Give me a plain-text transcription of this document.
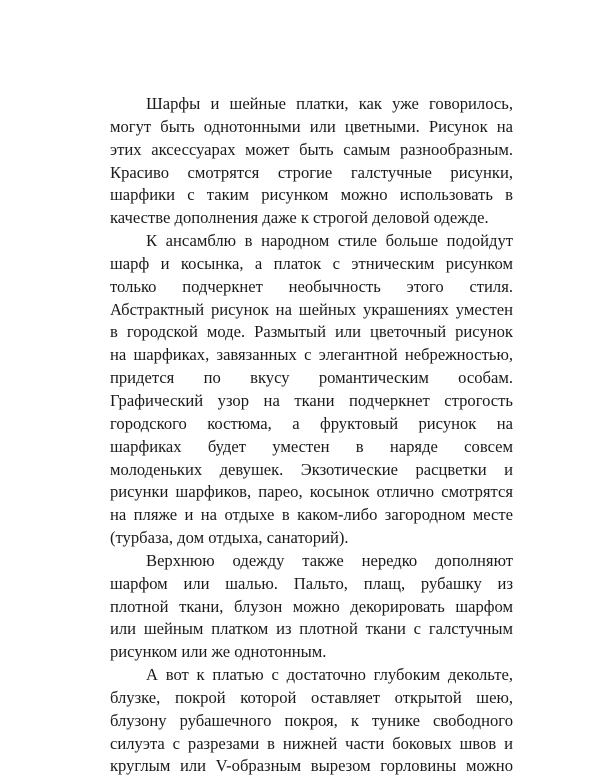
Шарфы и шейные платки, как уже говорилось,
могут быть однотонными или цветными. Рисунок на
этих аксессуарах может быть самым разнообразным.
Красиво смотрятся строгие галстучные рисунки,
шарфики с таким рисунком можно использовать в
качестве дополнения даже к строгой деловой одежде.
К ансамблю в народном стиле больше подойдут
шарф и косынка, а платок с этническим рисунком
только подчеркнет необычность этого стиля.
Абстрактный рисунок на шейных украшениях уместен
в городской моде. Размытый или цветочный рисунок
на шарфиках, завязанных с элегантной небрежностью,
придется по вкусу романтическим особам.
Графический узор на ткани подчеркнет строгость
городского костюма, а фруктовый рисунок на
шарфиках будет уместен в наряде совсем
молоденьких девушек. Экзотические расцветки и
рисунки шарфиков, парео, косынок отлично смотрятся
на пляже и на отдыхе в каком-либо загородном месте
(турбаза, дом отдыха, санаторий).
Верхнюю одежду также нередко дополняют
шарфом или шалью. Пальто, плащ, рубашку из
плотной ткани, блузон можно декорировать шарфом
или шейным платком из плотной ткани с галстучным
рисунком или же однотонным.
А вот к платью с достаточно глубоким декольте,
блузке, покрой которой оставляет открытой шею,
блузону рубашечного покроя, к тунике свободного
силуэта с разрезами в нижней части боковых швов и
круглым или V-образным вырезом горловины можно
